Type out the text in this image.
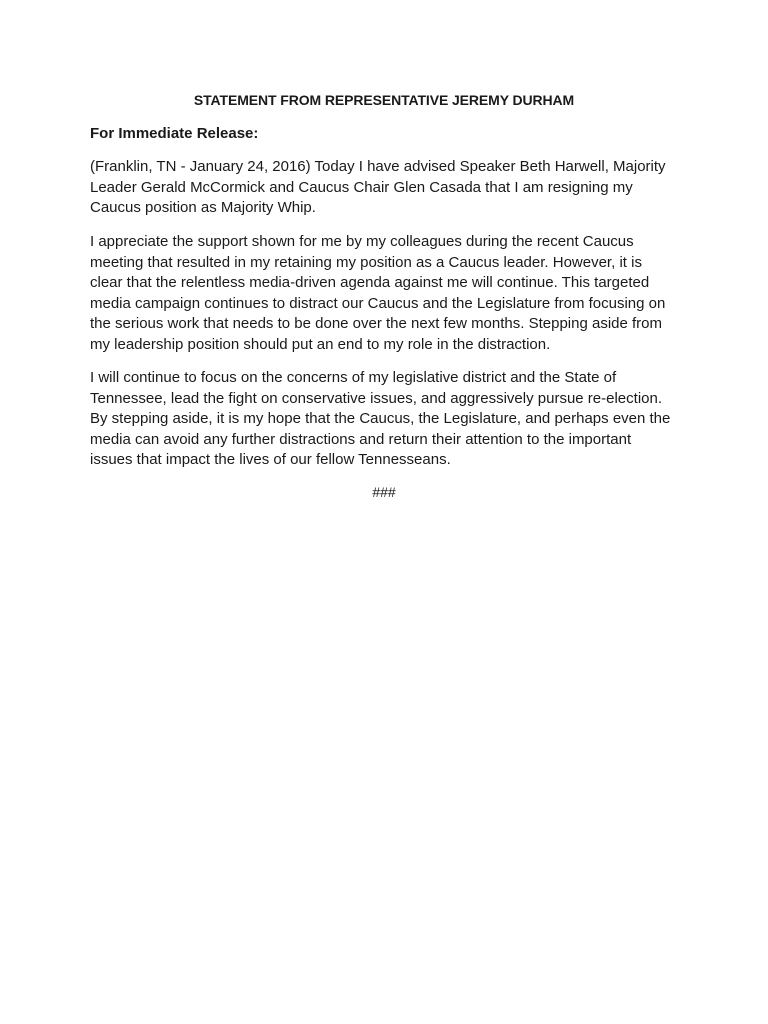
STATEMENT FROM REPRESENTATIVE JEREMY DURHAM

For Immediate Release:

(Franklin, TN - January 24, 2016) Today I have advised Speaker Beth Harwell, Majority
Leader Gerald McCormick and Caucus Chair Glen Casada that I am resigning my
Caucus position as Majority Whip.

I appreciate the support shown for me by my colleagues during the recent Caucus
meeting that resulted in my retaining my position as a Caucus leader. However, it is
clear that the relentless media-driven agenda against me will continue. This targeted
media campaign continues to distract our Caucus and the Legislature from focusing on
the serious work that needs to be done over the next few months. Stepping aside from
my leadership position should put an end to my role in the distraction.

I will continue to focus on the concerns of my legislative district and the State of
Tennessee, lead the fight on conservative issues, and aggressively pursue re-election.
By stepping aside, it is my hope that the Caucus, the Legislature, and perhaps even the
media can avoid any further distractions and return their attention to the important
issues that impact the lives of our fellow Tennesseans.

###
